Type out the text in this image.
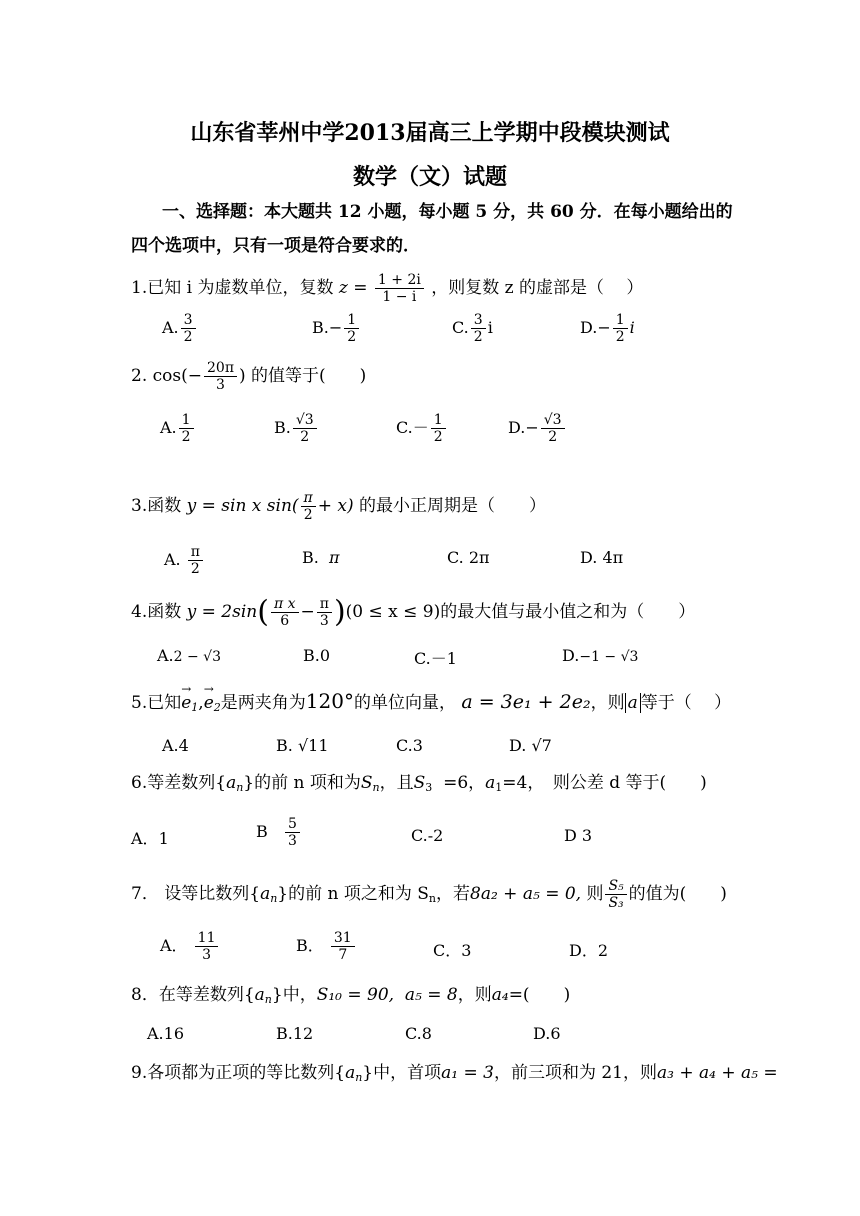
山东省莘州中学2013届高三上学期中段模块测试
数学（文）试题
一、选择题：本大题共 12 小题，每小题 5 分，共 60 分．在每小题给出的
四个选项中，只有一项是符合要求的．
1.已知 i 为虚数单位，复数 $z = \frac{1 + 2i}{1 - i}$ ，则复数 z 的虚部是（　 ）
A. $\frac{3}{2}$	$B.- \frac{1}{2}$	C. $\frac{3}{2}$ i	$D.- \frac{1}{2}$ i
2. $\cos(- \frac{20\pi}{3}$ ) 的值等于(　　)
A. $\frac{1}{2}$	B. $\frac{√3}{2}$	$C.- \frac{1}{2}$	$D.- \frac{√3}{2}$
3.函数 y = sin x $\sin( \frac{\pi}{2} + x)$ 的最小正周期是（　　）
A. $\frac{\pi}{2}$	B. π	C. 2π	D. 4π
4.函数 $y = 2\sin( \frac{\text{π x}}{6} - \frac{\pi}{3} )(0 \le x \le 9)$的最大值与最小值之和为（　　）
A.2 − √3	B.0	C.－1	D.−1 − √3
5.已知→ $e_1,\to e_2$是两夹角为120°的单位向量， a = 3e₁ + 2e₂，则 a 等于（　 ）
A.4	B. √11	C.3	D. √7
6.等差数列$\{a_n\}$的前 n 项和为$S_n$，且$S_3 =6$，$a_1=4$，　则公差 d 等于(　　)
A．1	B $\frac{5}{3}$	C.-2	D 3
7． 设等比数列$\{a_n\}$的前 n 项之和为 $S_n$，若8a₂ + a₅ = 0, 则 $\frac{\text{S₅}}{\text{S₃}}$ 的值为(　　)
A． $\frac{11}{3}$	B． $\frac{31}{7}$	C．3	D．2
8．在等差数列$\{a_n\}$中，S₁₀ = 90, a₅ = 8，则a₄=(　　)
A.16	B.12	C.8	D.6
9.各项都为正项的等比数列$\{a_n\}$中，首项a₁ = 3，前三项和为 21，则a₃ + a₄ + a₅ =
